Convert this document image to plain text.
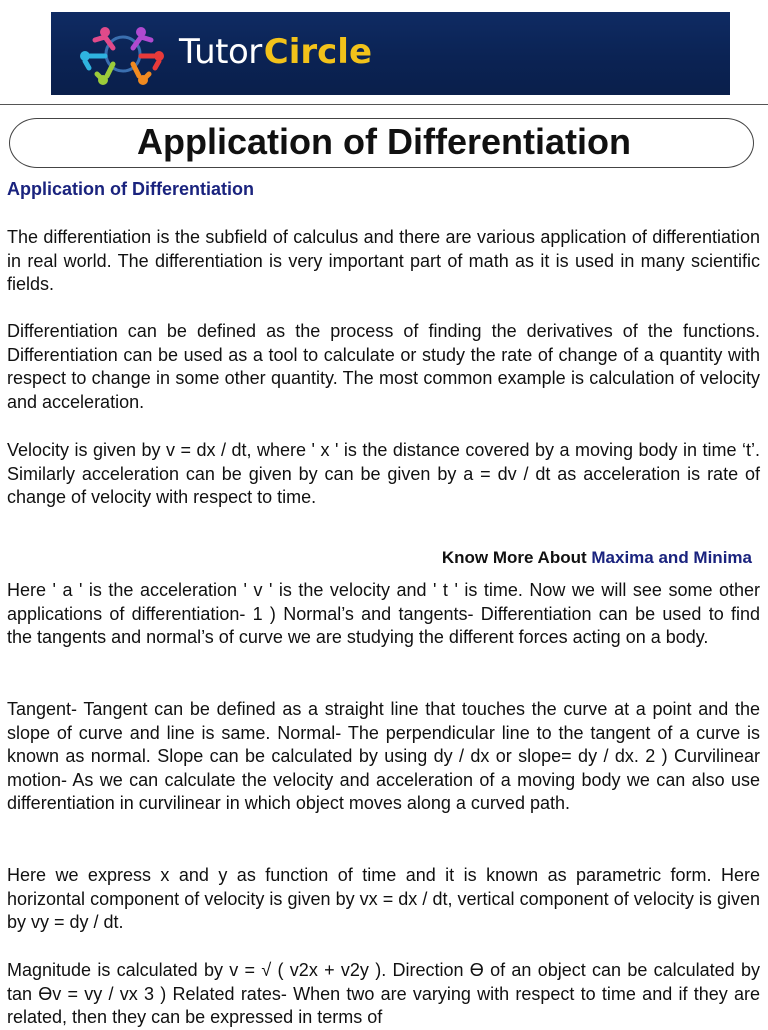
TutorCircle
Application of Differentiation
Application of Differentiation

The differentiation is the subfield of calculus and there are various application of differentiation in real world. The differentiation is very important part of math as it is used in many scientific fields.

Differentiation can be defined as the process of finding the derivatives of the functions. Differentiation can be used as a tool to calculate or study the rate of change of a quantity with respect to change in some other quantity. The most common example is calculation of velocity and acceleration.

Velocity is given by v = dx / dt, where ' x ' is the distance covered by a moving body in time ‘t’. Similarly acceleration can be given by can be given by a = dv / dt as acceleration is rate of change of velocity with respect to time.

Know More About Maxima and Minima

Here ' a ' is the acceleration ' v ' is the velocity and ' t ' is time. Now we will see some other applications of differentiation- 1 ) Normal’s and tangents- Differentiation can be used to find the tangents and normal’s of curve we are studying the different forces acting on a body.

Tangent- Tangent can be defined as a straight line that touches the curve at a point and the slope of curve and line is same. Normal- The perpendicular line to the tangent of a curve is known as normal. Slope can be calculated by using dy / dx or slope= dy / dx. 2 ) Curvilinear motion- As we can calculate the velocity and acceleration of a moving body we can also use differentiation in curvilinear in which object moves along a curved path.

Here we express x and y as function of time and it is known as parametric form. Here horizontal component of velocity is given by vx = dx / dt, vertical component of velocity is given by vy = dy / dt.

Magnitude is calculated by v = √ ( v2x + v2y ). Direction ϴ of an object can be calculated by tan ϴv = vy / vx 3 ) Related rates- When two are varying with respect to time and if they are related, then they can be expressed in terms of
